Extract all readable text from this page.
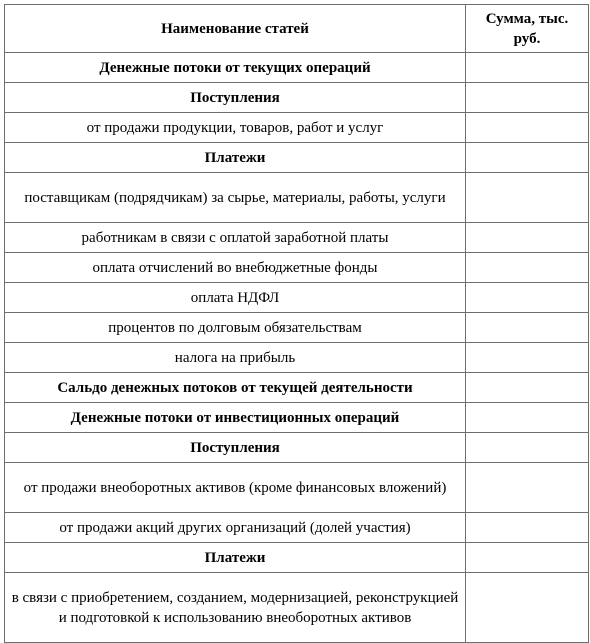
Наименование статей	Сумма, тыс. руб.
Денежные потоки от текущих операций	
Поступления	
от продажи продукции, товаров, работ и услуг	
Платежи	
поставщикам (подрядчикам) за сырье, материалы, работы, услуги	
работникам в связи с оплатой заработной платы	
оплата отчислений во внебюджетные фонды	
оплата НДФЛ	
процентов по долговым обязательствам	
налога на прибыль	
Сальдо денежных потоков от текущей деятельности	
Денежные потоки от инвестиционных операций	
Поступления	
от продажи внеоборотных активов (кроме финансовых вложений)	
от продажи акций других организаций (долей участия)	
Платежи	
в связи с приобретением, созданием, модернизацией, реконструкцией и подготовкой к использованию внеоборотных активов	
